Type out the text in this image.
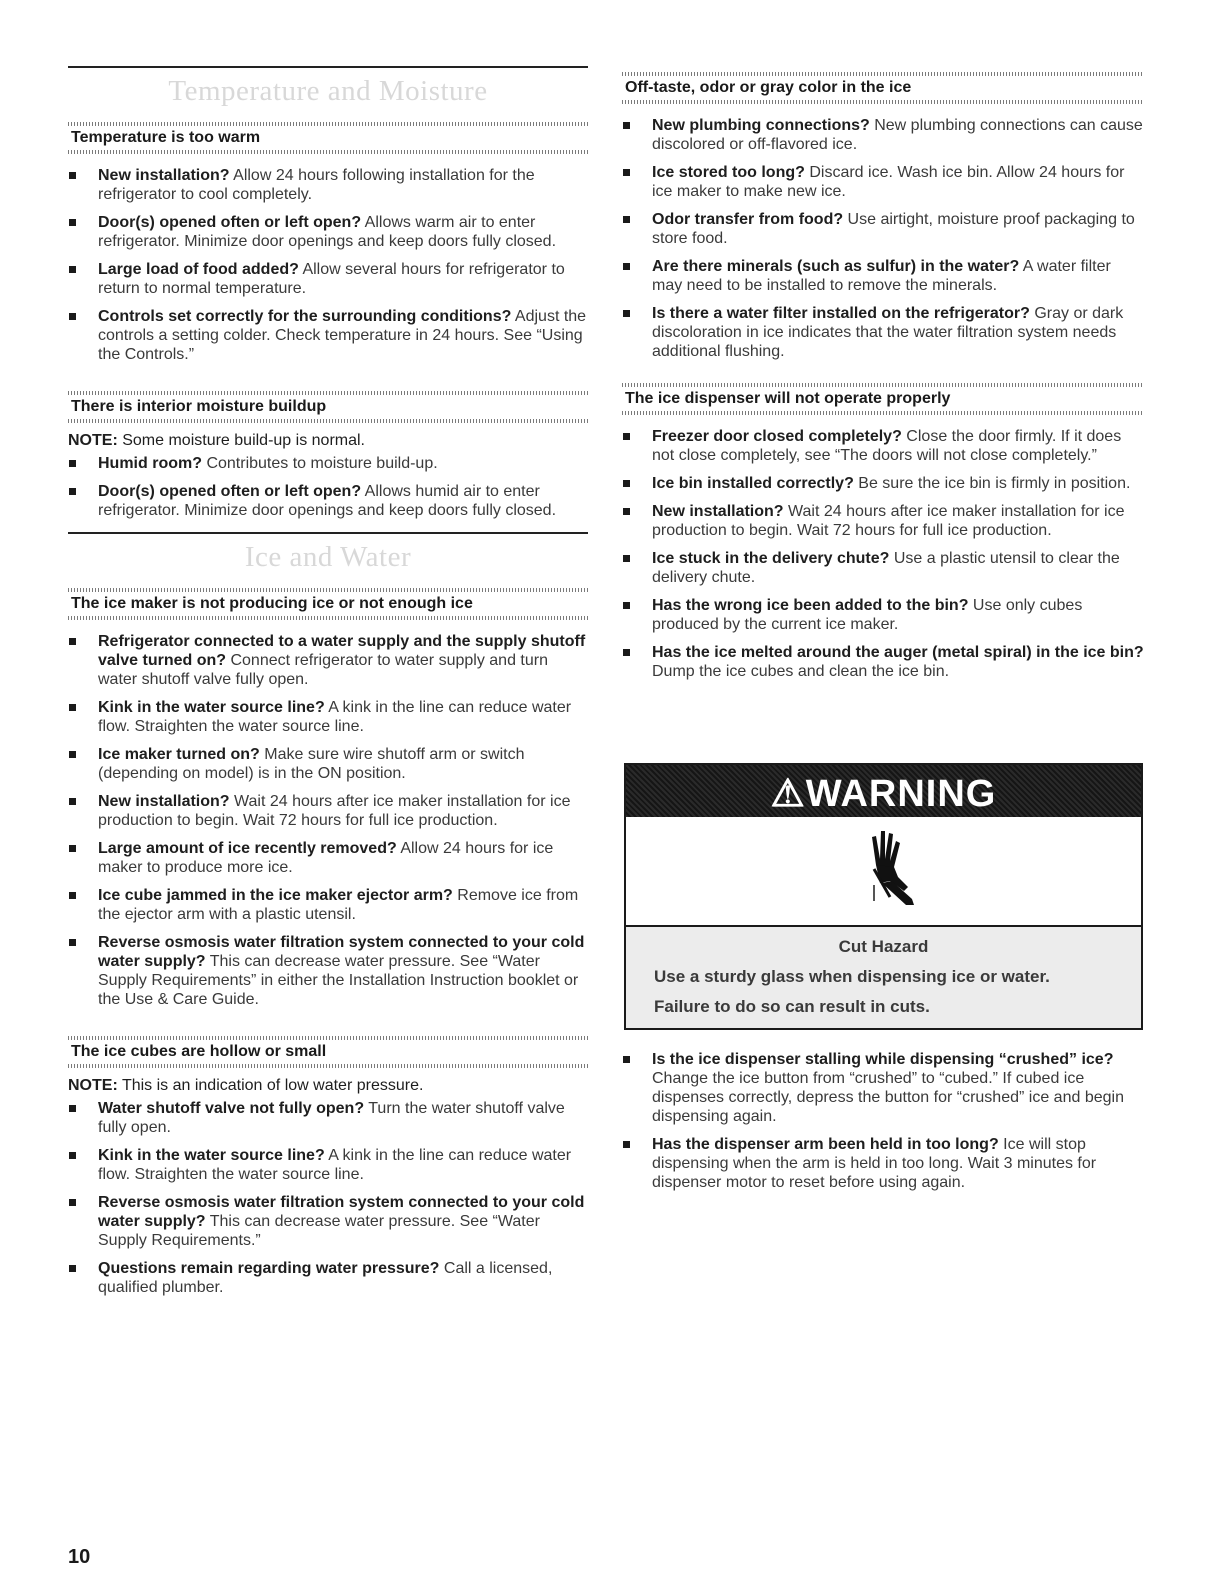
Temperature and Moisture
Temperature is too warm
New installation? Allow 24 hours following installation for the refrigerator to cool completely.
Door(s) opened often or left open? Allows warm air to enter refrigerator. Minimize door openings and keep doors fully closed.
Large load of food added? Allow several hours for refrigerator to return to normal temperature.
Controls set correctly for the surrounding conditions? Adjust the controls a setting colder. Check temperature in 24 hours. See “Using the Controls.”
There is interior moisture buildup
NOTE: Some moisture build-up is normal.
Humid room? Contributes to moisture build-up.
Door(s) opened often or left open? Allows humid air to enter refrigerator. Minimize door openings and keep doors fully closed.
Ice and Water
The ice maker is not producing ice or not enough ice
Refrigerator connected to a water supply and the supply shutoff valve turned on? Connect refrigerator to water supply and turn water shutoff valve fully open.
Kink in the water source line? A kink in the line can reduce water flow. Straighten the water source line.
Ice maker turned on? Make sure wire shutoff arm or switch (depending on model) is in the ON position.
New installation? Wait 24 hours after ice maker installation for ice production to begin. Wait 72 hours for full ice production.
Large amount of ice recently removed? Allow 24 hours for ice maker to produce more ice.
Ice cube jammed in the ice maker ejector arm? Remove ice from the ejector arm with a plastic utensil.
Reverse osmosis water filtration system connected to your cold water supply? This can decrease water pressure. See “Water Supply Requirements” in either the Installation Instruction booklet or the Use & Care Guide.
The ice cubes are hollow or small
NOTE: This is an indication of low water pressure.
Water shutoff valve not fully open? Turn the water shutoff valve fully open.
Kink in the water source line? A kink in the line can reduce water flow. Straighten the water source line.
Reverse osmosis water filtration system connected to your cold water supply? This can decrease water pressure. See “Water Supply Requirements.”
Questions remain regarding water pressure? Call a licensed, qualified plumber.
Off-taste, odor or gray color in the ice
New plumbing connections? New plumbing connections can cause discolored or off-flavored ice.
Ice stored too long? Discard ice. Wash ice bin. Allow 24 hours for ice maker to make new ice.
Odor transfer from food? Use airtight, moisture proof packaging to store food.
Are there minerals (such as sulfur) in the water? A water filter may need to be installed to remove the minerals.
Is there a water filter installed on the refrigerator? Gray or dark discoloration in ice indicates that the water filtration system needs additional flushing.
The ice dispenser will not operate properly
Freezer door closed completely? Close the door firmly. If it does not close completely, see “The doors will not close completely.”
Ice bin installed correctly? Be sure the ice bin is firmly in position.
New installation? Wait 24 hours after ice maker installation for ice production to begin. Wait 72 hours for full ice production.
Ice stuck in the delivery chute? Use a plastic utensil to clear the delivery chute.
Has the wrong ice been added to the bin? Use only cubes produced by the current ice maker.
Has the ice melted around the auger (metal spiral) in the ice bin? Dump the ice cubes and clean the ice bin.
⚠WARNING
Cut Hazard
Use a sturdy glass when dispensing ice or water.
Failure to do so can result in cuts.
Is the ice dispenser stalling while dispensing “crushed” ice? Change the ice button from “crushed” to “cubed.” If cubed ice dispenses correctly, depress the button for “crushed” ice and begin dispensing again.
Has the dispenser arm been held in too long? Ice will stop dispensing when the arm is held in too long. Wait 3 minutes for dispenser motor to reset before using again.
10
